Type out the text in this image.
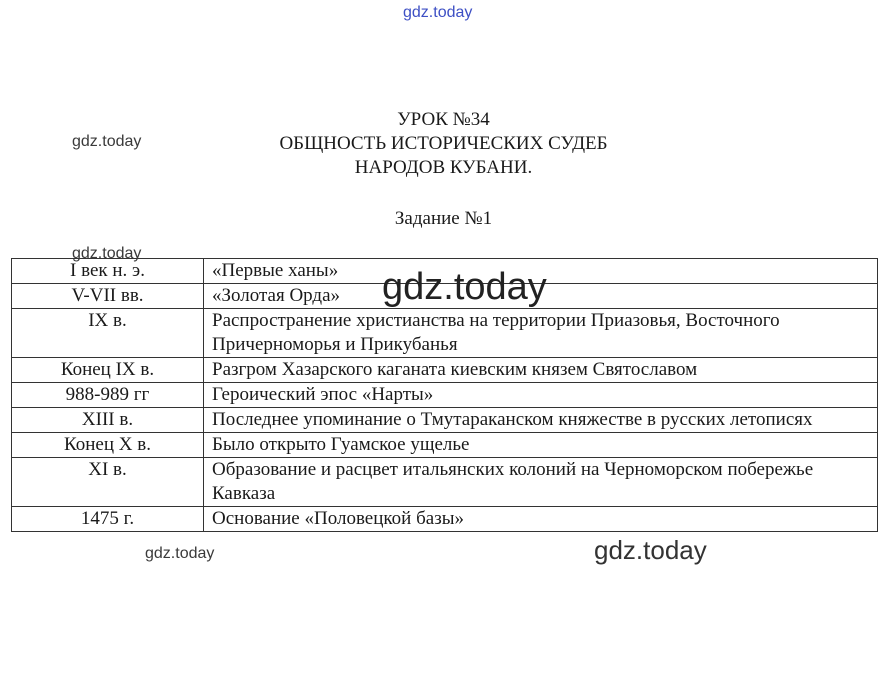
УРОК №34
ОБЩНОСТЬ ИСТОРИЧЕСКИХ СУДЕБ
НАРОДОВ КУБАНИ.
Задание №1
I век н. э.	«Первые ханы»
V-VII вв.	«Золотая Орда»
IX в.	Распространение христианства на территории Приазовья, Восточного Причерноморья и Прикубанья
Конец IX в.	Разгром Хазарского каганата киевским князем Святославом
988-989 гг	Героический эпос «Нарты»
XIII в.	Последнее упоминание о Тмутараканском княжестве в русских летописях
Конец X в.	Было открыто Гуамское ущелье
XI в.	Образование и расцвет итальянских колоний на Черноморском побережье Кавказа
1475 г.	Основание «Половецкой базы»
gdz.today
gdz.today
gdz.today
gdz.today
gdz.today	gdz.today
